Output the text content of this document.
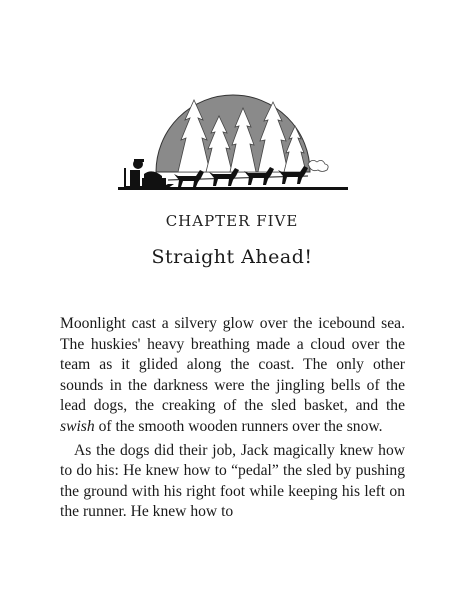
CHAPTER FIVE
Straight Ahead!

Moonlight cast a silvery glow over the icebound sea. The huskies' heavy breathing made a cloud over the team as it glided along the coast. The only other sounds in the darkness were the jingling bells of the lead dogs, the creaking of the sled basket, and the swish of the smooth wooden runners over the snow.

As the dogs did their job, Jack magically knew how to do his: He knew how to “pedal” the sled by pushing the ground with his right foot while keeping his left on the runner. He knew how to
